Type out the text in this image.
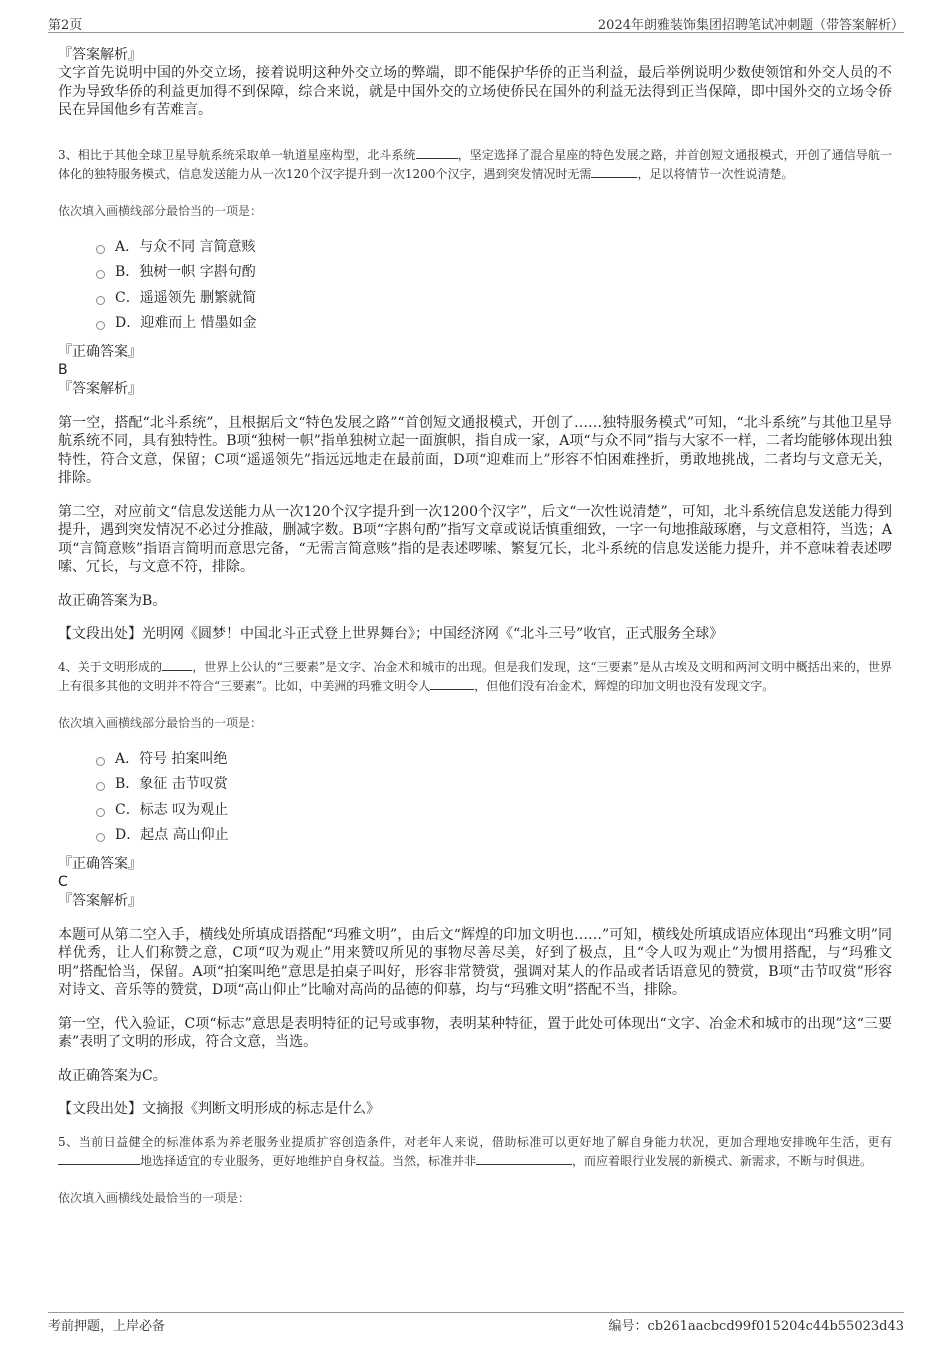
第2页	2024年朗雅装饰集团招聘笔试冲刺题（带答案解析）

『答案解析』

文字首先说明中国的外交立场，接着说明这种外交立场的弊端，即不能保护华侨的正当利益，最后举例说明少数使领馆和外交人员的不作为导致华侨的利益更加得不到保障，综合来说，就是中国外交的立场使侨民在国外的利益无法得到正当保障，即中国外交的立场令侨民在异国他乡有苦难言。

3、相比于其他全球卫星导航系统采取单一轨道星座构型，北斗系统	，坚定选择了混合星座的特色发展之路，并首创短文通报模式，开创了通信导航一体化的独特服务模式，信息发送能力从一次120个汉字提升到一次1200个汉字，遇到突发情况时无需	，足以将情节一次性说清楚。

依次填入画横线部分最恰当的一项是：

A．与众不同 言简意赅
B．独树一帜 字斟句酌
C．遥遥领先 删繁就简
D．迎难而上 惜墨如金

『正确答案』

B

『答案解析』

第一空，搭配“北斗系统”，且根据后文“特色发展之路”“首创短文通报模式，开创了……独特服务模式”可知，“北斗系统”与其他卫星导航系统不同，具有独特性。B项“独树一帜”指单独树立起一面旗帜，指自成一家，A项“与众不同”指与大家不一样，二者均能够体现出独特性，符合文意，保留；C项“遥遥领先”指远远地走在最前面，D项“迎难而上”形容不怕困难挫折，勇敢地挑战，二者均与文意无关，排除。

第二空，对应前文“信息发送能力从一次120个汉字提升到一次1200个汉字”，后文“一次性说清楚”，可知，北斗系统信息发送能力得到提升，遇到突发情况不必过分推敲，删减字数。B项“字斟句酌”指写文章或说话慎重细致，一字一句地推敲琢磨，与文意相符，当选；A项“言简意赅”指语言简明而意思完备，“无需言简意赅”指的是表述啰嗦、繁复冗长，北斗系统的信息发送能力提升，并不意味着表述啰嗦、冗长，与文意不符，排除。

故正确答案为B。

【文段出处】光明网《圆梦！中国北斗正式登上世界舞台》；中国经济网《“北斗三号”收官，正式服务全球》

4、关于文明形成的	，世界上公认的“三要素”是文字、冶金术和城市的出现。但是我们发现，这“三要素”是从古埃及文明和两河文明中概括出来的，世界上有很多其他的文明并不符合“三要素”。比如，中美洲的玛雅文明令人	，但他们没有冶金术，辉煌的印加文明也没有发现文字。

依次填入画横线部分最恰当的一项是：

A．符号 拍案叫绝
B．象征 击节叹赏
C．标志 叹为观止
D．起点 高山仰止

『正确答案』

C

『答案解析』

本题可从第二空入手，横线处所填成语搭配“玛雅文明”，由后文“辉煌的印加文明也……”可知，横线处所填成语应体现出“玛雅文明”同样优秀，让人们称赞之意，C项“叹为观止”用来赞叹所见的事物尽善尽美，好到了极点，且“令人叹为观止”为惯用搭配，与“玛雅文明”搭配恰当，保留。A项“拍案叫绝”意思是拍桌子叫好，形容非常赞赏，强调对某人的作品或者话语意见的赞赏，B项“击节叹赏”形容对诗文、音乐等的赞赏，D项“高山仰止”比喻对高尚的品德的仰慕，均与“玛雅文明”搭配不当，排除。

第一空，代入验证，C项“标志”意思是表明特征的记号或事物，表明某种特征，置于此处可体现出“文字、冶金术和城市的出现”这“三要素”表明了文明的形成，符合文意，当选。

故正确答案为C。

【文段出处】文摘报《判断文明形成的标志是什么》

5、当前日益健全的标准体系为养老服务业提质扩容创造条件，对老年人来说，借助标准可以更好地了解自身能力状况，更加合理地安排晚年生活，更有地选择适宜的专业服务，更好地维护自身权益。当然，标准并非	，而应着眼行业发展的新模式、新需求，不断与时俱进。

依次填入画横线处最恰当的一项是：

考前押题，上岸必备	编号：cb261aacbcd99f015204c44b55023d43
